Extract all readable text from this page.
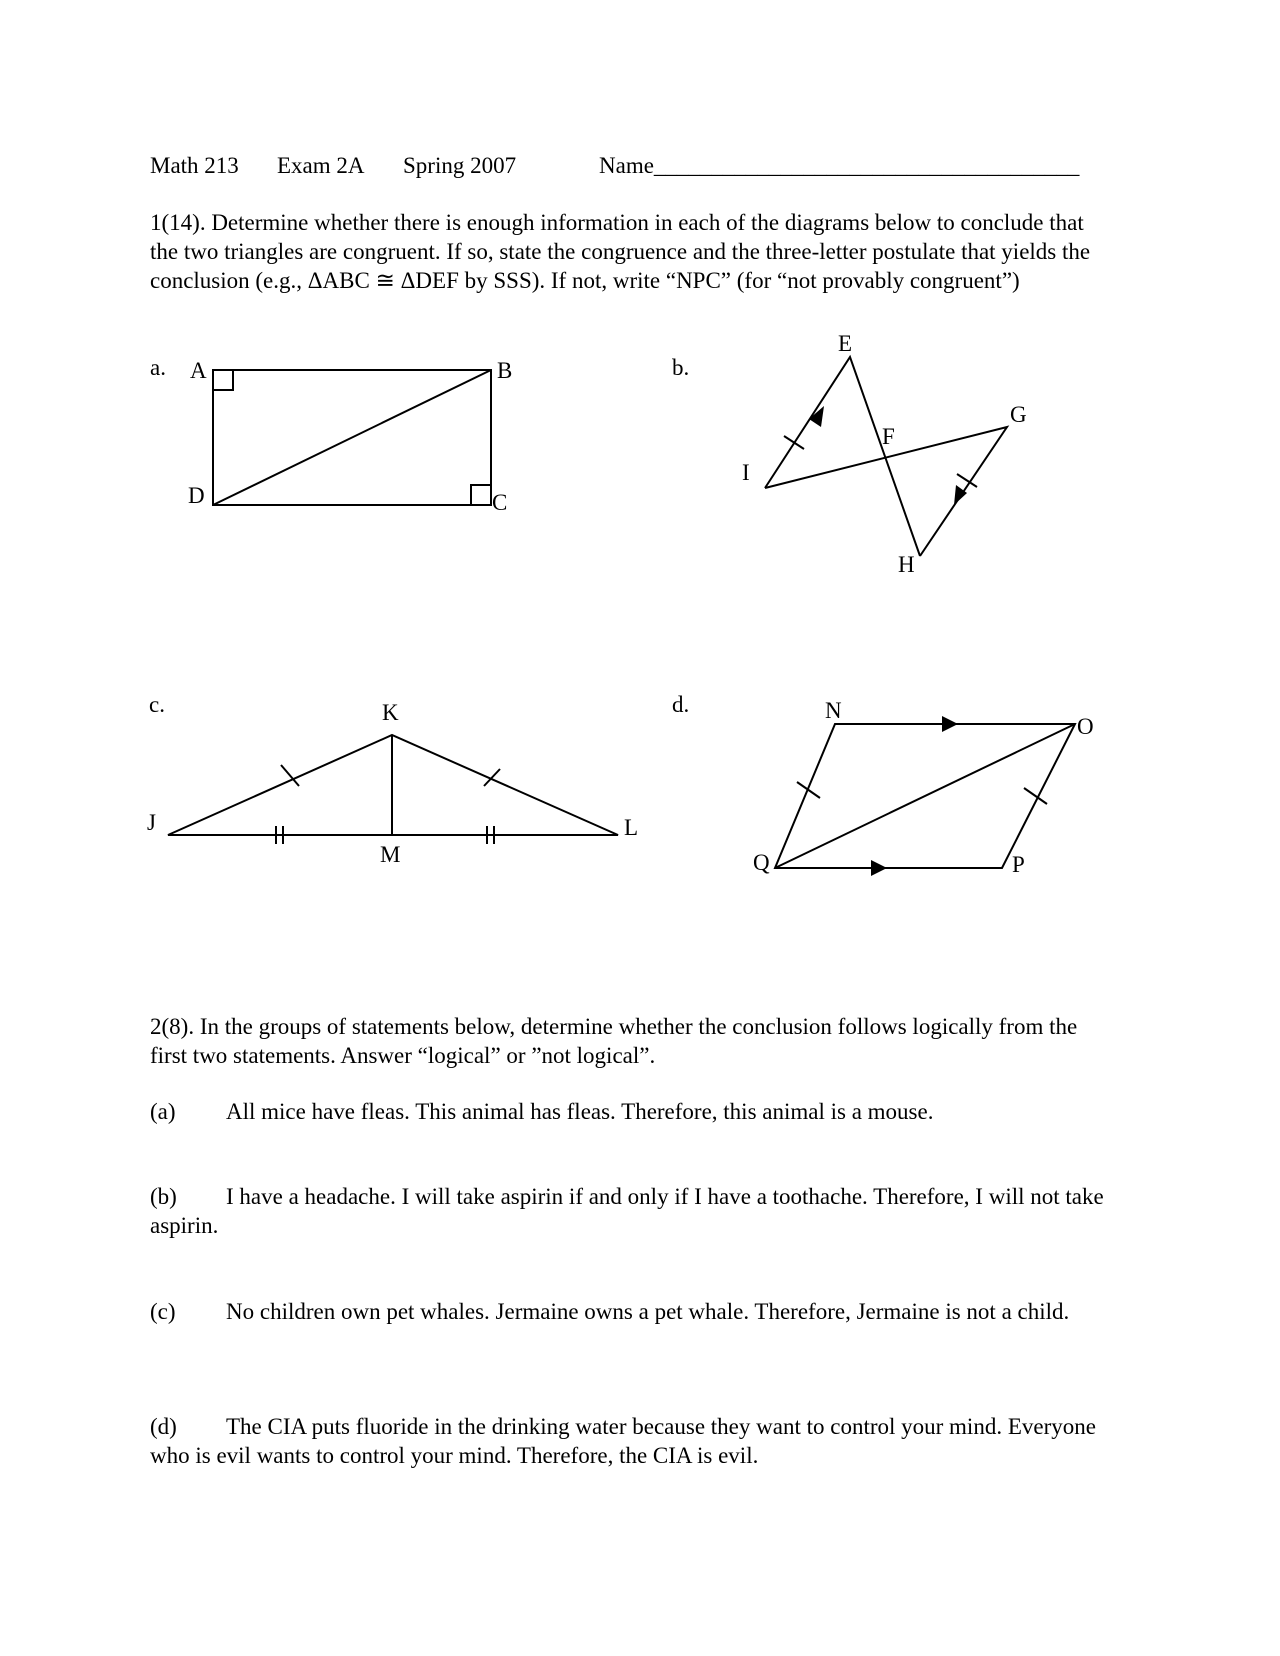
Math 213 Exam 2A Spring 2007	Name_____________________________________

1(14). Determine whether there is enough information in each of the diagrams below to conclude that the two triangles are congruent. If so, state the congruence and the three-letter postulate that yields the conclusion (e.g., ΔABC ≅ ΔDEF by SSS). If not, write “NPC” (for “not provably congruent”)

a. A	B
C
D
b.
E
F
G
H
I
c.
J
K
L
M
d.	N
O
P
Q

2(8). In the groups of statements below, determine whether the conclusion follows logically from the first two statements. Answer “logical” or ”not logical”.

(a) All mice have fleas. This animal has fleas. Therefore, this animal is a mouse.
(b) I have a headache. I will take aspirin if and only if I have a toothache. Therefore, I will not take aspirin.
(c) No children own pet whales. Jermaine owns a pet whale. Therefore, Jermaine is not a child.
(d) The CIA puts fluoride in the drinking water because they want to control your mind. Everyone who is evil wants to control your mind. Therefore, the CIA is evil.
